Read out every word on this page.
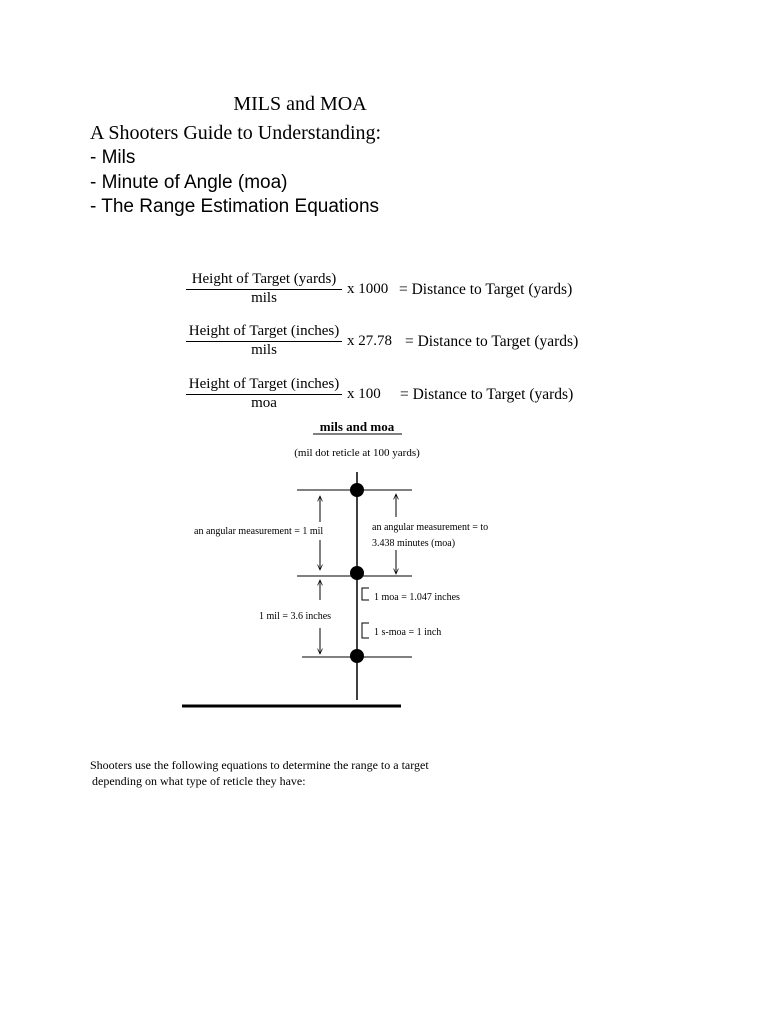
MILS and MOA
A Shooters Guide to Understanding:
- Mils
- Minute of Angle (moa)
- The Range Estimation Equations
Height of Target (yards)
mils
x 1000 = Distance to Target (yards)
Height of Target (inches)
mils
x 27.78 = Distance to Target (yards)
Height of Target (inches)
moa
x 100 = Distance to Target (yards)
mils and moa
(mil dot reticle at 100 yards)
an angular measurement = 1 mil	an angular measurement = to
3.438 minutes (moa)
1 mil = 3.6 inches
1 moa = 1.047 inches
1 s-moa = 1 inch
Shooters use the following equations to determine the range to a target
depending on what type of reticle they have:
